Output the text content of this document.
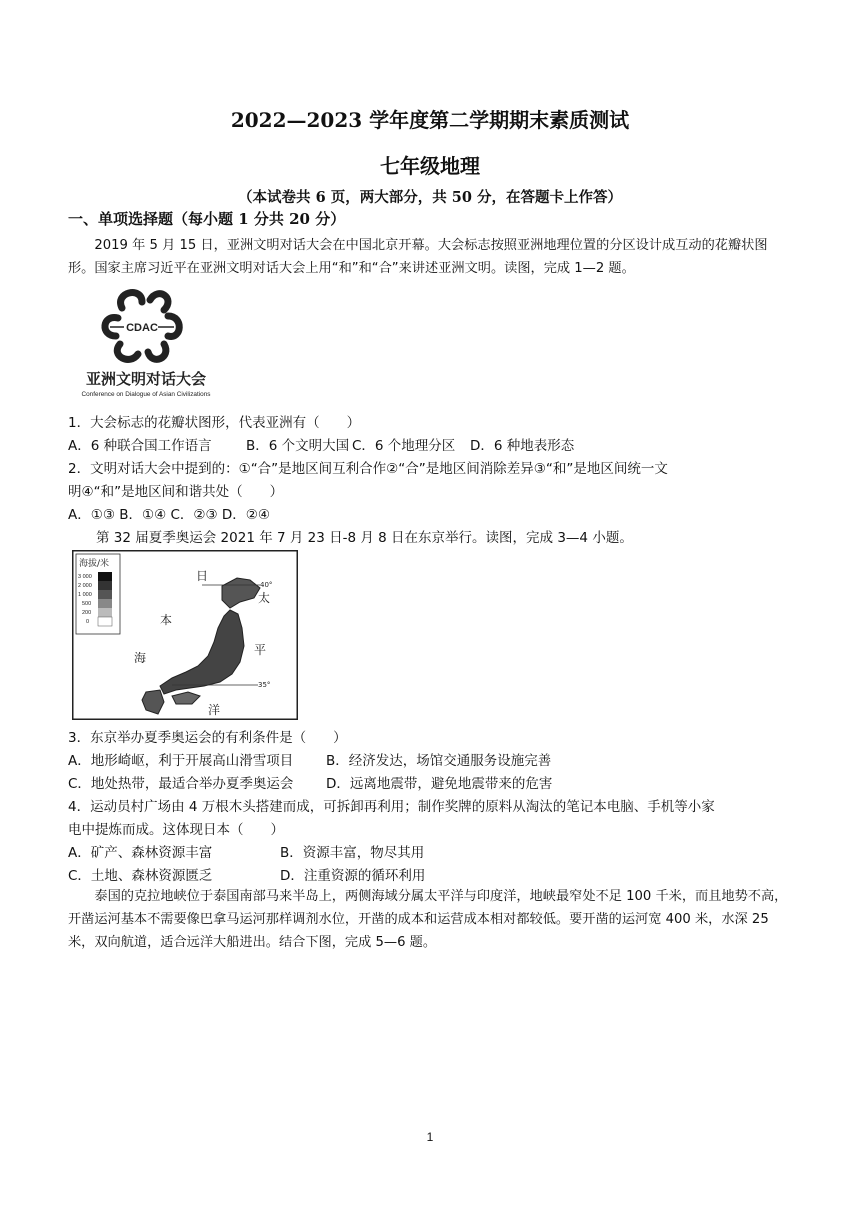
2022—2023 学年度第二学期期末素质测试
七年级地理
（本试卷共 6 页，两大部分，共 50 分，在答题卡上作答）
一、单项选择题（每小题 1 分共 20 分）
2019 年 5 月 15 日，亚洲文明对话大会在中国北京开幕。大会标志按照亚洲地理位置的分区设计成互动的花瓣状图形。国家主席习近平在亚洲文明对话大会上用“和”和“合”来讲述亚洲文明。读图，完成 1—2 题。
CDAC
亚洲文明对话大会
Conference on Dialogue of Asian Civilizations
1．大会标志的花瓣状图形，代表亚洲有（　　）
A．6 种联合国工作语言	B．6 个文明大国 C．6 个地理分区 D．6 种地表形态
2．文明对话大会中提到的：①“合”是地区间互利合作②“合”是地区间消除差异③“和”是地区间统一文
明④“和”是地区间和谐共处（　　）
A．①③ B．①④ C．②③ D．②④
第 32 届夏季奥运会 2021 年 7 月 23 日-8 月 8 日在东京举行。读图，完成 3—4 小题。
海拔/米
3 000
2 000
1 000
500
200
0
40°
35°
日
本
海
太
平
洋
3．东京举办夏季奥运会的有利条件是（　　）
A．地形崎岖，利于开展高山滑雪项目 B．经济发达，场馆交通服务设施完善
C．地处热带，最适合举办夏季奥运会 D．远离地震带，避免地震带来的危害
4．运动员村广场由 4 万根木头搭建而成，可拆卸再利用；制作奖牌的原料从淘汰的笔记本电脑、手机等小家
电中提炼而成。这体现日本（　　）
A．矿产、森林资源丰富	B．资源丰富，物尽其用
C．土地、森林资源匮乏	D．注重资源的循环利用
泰国的克拉地峡位于泰国南部马来半岛上，两侧海域分属太平洋与印度洋，地峡最窄处不足 100 千米，而且地势不高，开凿运河基本不需要像巴拿马运河那样调剂水位，开凿的成本和运营成本相对都较低。要开凿的运河宽 400 米，水深 25 米，双向航道，适合远洋大船进出。结合下图，完成 5—6 题。
1
